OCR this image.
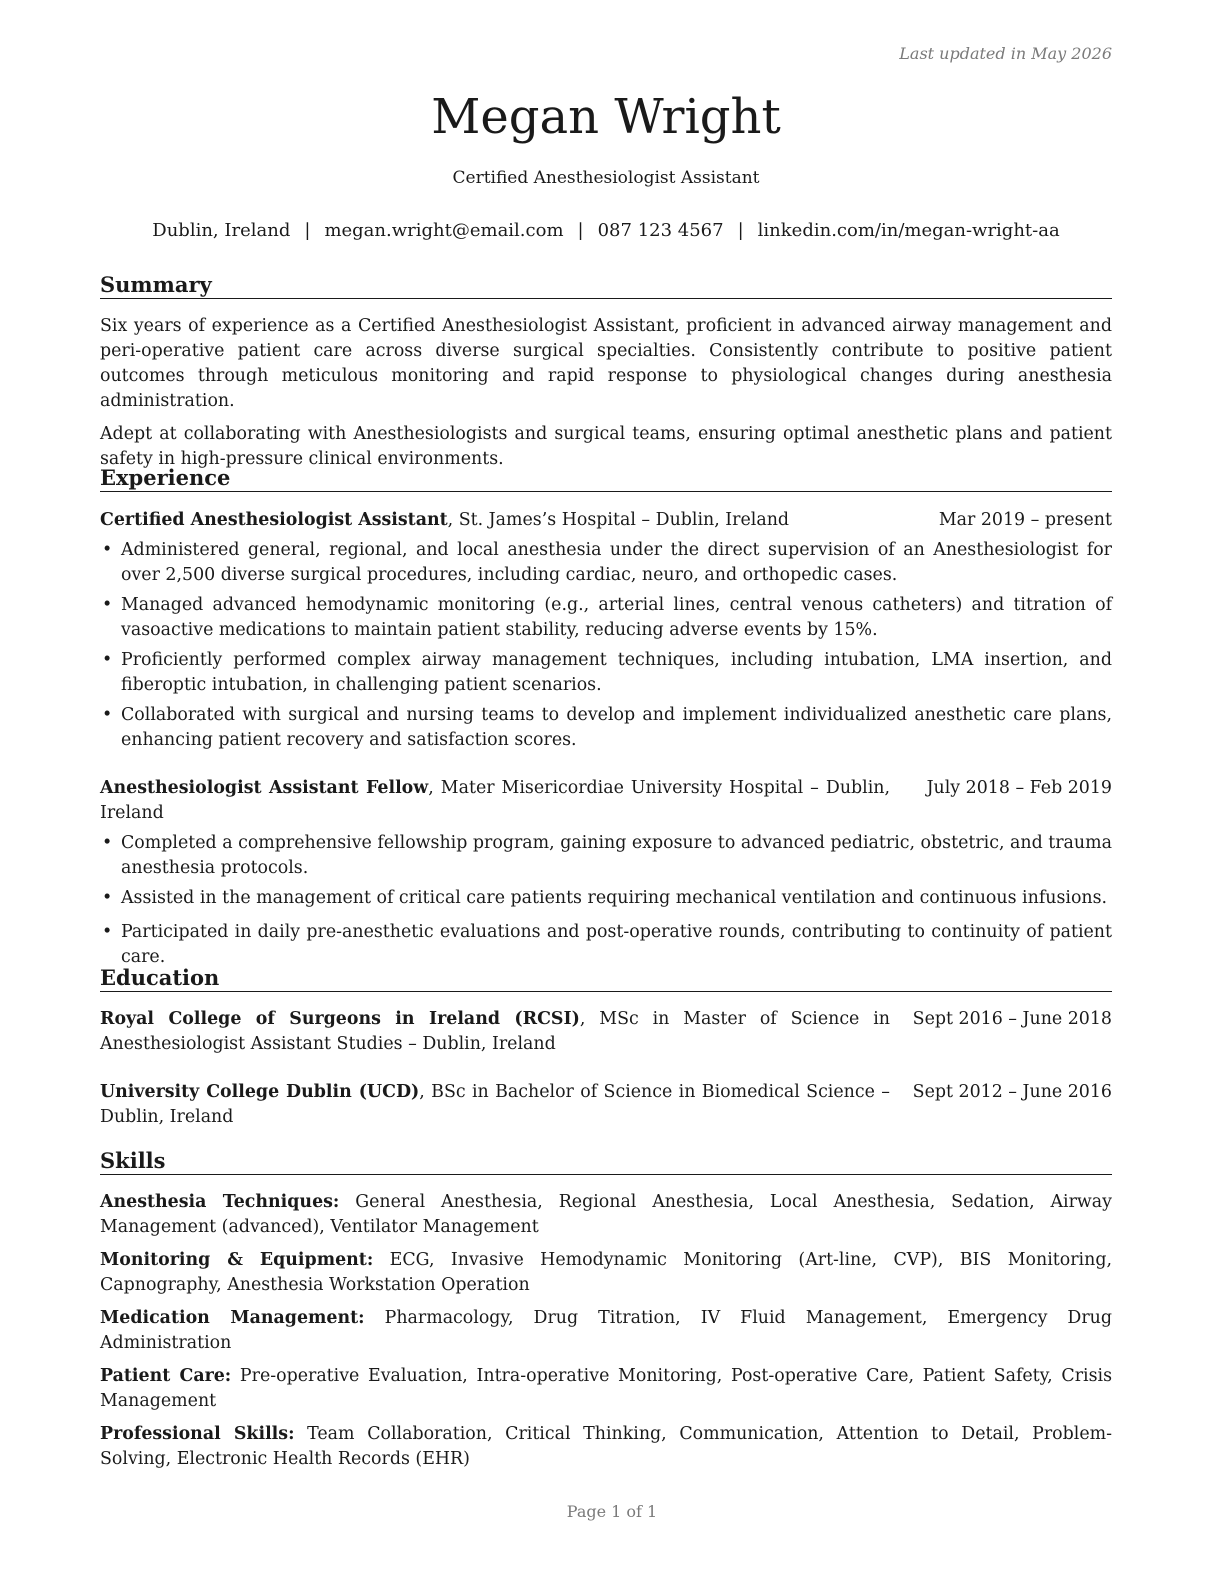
Last updated in May 2026
Megan Wright
Certified Anesthesiologist Assistant
Dublin, Ireland | megan.wright@email.com | 087 123 4567 | linkedin.com/in/megan-wright-aa
Summary

Six years of experience as a Certified Anesthesiologist Assistant, proficient in advanced airway management and peri-operative patient care across diverse surgical specialties. Consistently contribute to positive patient outcomes through meticulous monitoring and rapid response to physiological changes during anesthesia administration.

Adept at collaborating with Anesthesiologists and surgical teams, ensuring optimal anesthetic plans and patient safety in high-pressure clinical environments.

Experience
Certified Anesthesiologist Assistant, St. James’s Hospital – Dublin, Ireland	Mar 2019 – present
• Administered general, regional, and local anesthesia under the direct supervision of an Anesthesiologist for over 2,500 diverse surgical procedures, including cardiac, neuro, and orthopedic cases.
• Managed advanced hemodynamic monitoring (e.g., arterial lines, central venous catheters) and titration of vasoactive medications to maintain patient stability, reducing adverse events by 15%.
• Proficiently performed complex airway management techniques, including intubation, LMA insertion, and fiberoptic intubation, in challenging patient scenarios.
• Collaborated with surgical and nursing teams to develop and implement individualized anesthetic care plans, enhancing patient recovery and satisfaction scores.
Anesthesiologist Assistant Fellow, Mater Misericordiae University Hospital – Dublin, Ireland
July 2018 – Feb 2019
• Completed a comprehensive fellowship program, gaining exposure to advanced pediatric, obstetric, and trauma anesthesia protocols.
• Assisted in the management of critical care patients requiring mechanical ventilation and continuous infusions.
• Participated in daily pre-anesthetic evaluations and post-operative rounds, contributing to continuity of patient care.
Education
Royal College of Surgeons in Ireland (RCSI), MSc in Master of Science in Anesthesiologist Assistant Studies – Dublin, Ireland
Sept 2016 – June 2018
University College Dublin (UCD), BSc in Bachelor of Science in Biomedical Science – Dublin, Ireland
Sept 2012 – June 2016
Skills

Anesthesia Techniques: General Anesthesia, Regional Anesthesia, Local Anesthesia, Sedation, Airway Management (advanced), Ventilator Management

Monitoring & Equipment: ECG, Invasive Hemodynamic Monitoring (Art-line, CVP), BIS Monitoring, Capnography, Anesthesia Workstation Operation

Medication Management: Pharmacology, Drug Titration, IV Fluid Management, Emergency Drug Administration

Patient Care: Pre-operative Evaluation, Intra-operative Monitoring, Post-operative Care, Patient Safety, Crisis Management

Professional Skills: Team Collaboration, Critical Thinking, Communication, Attention to Detail, Problem-Solving, Electronic Health Records (EHR)

Page 1 of 1
